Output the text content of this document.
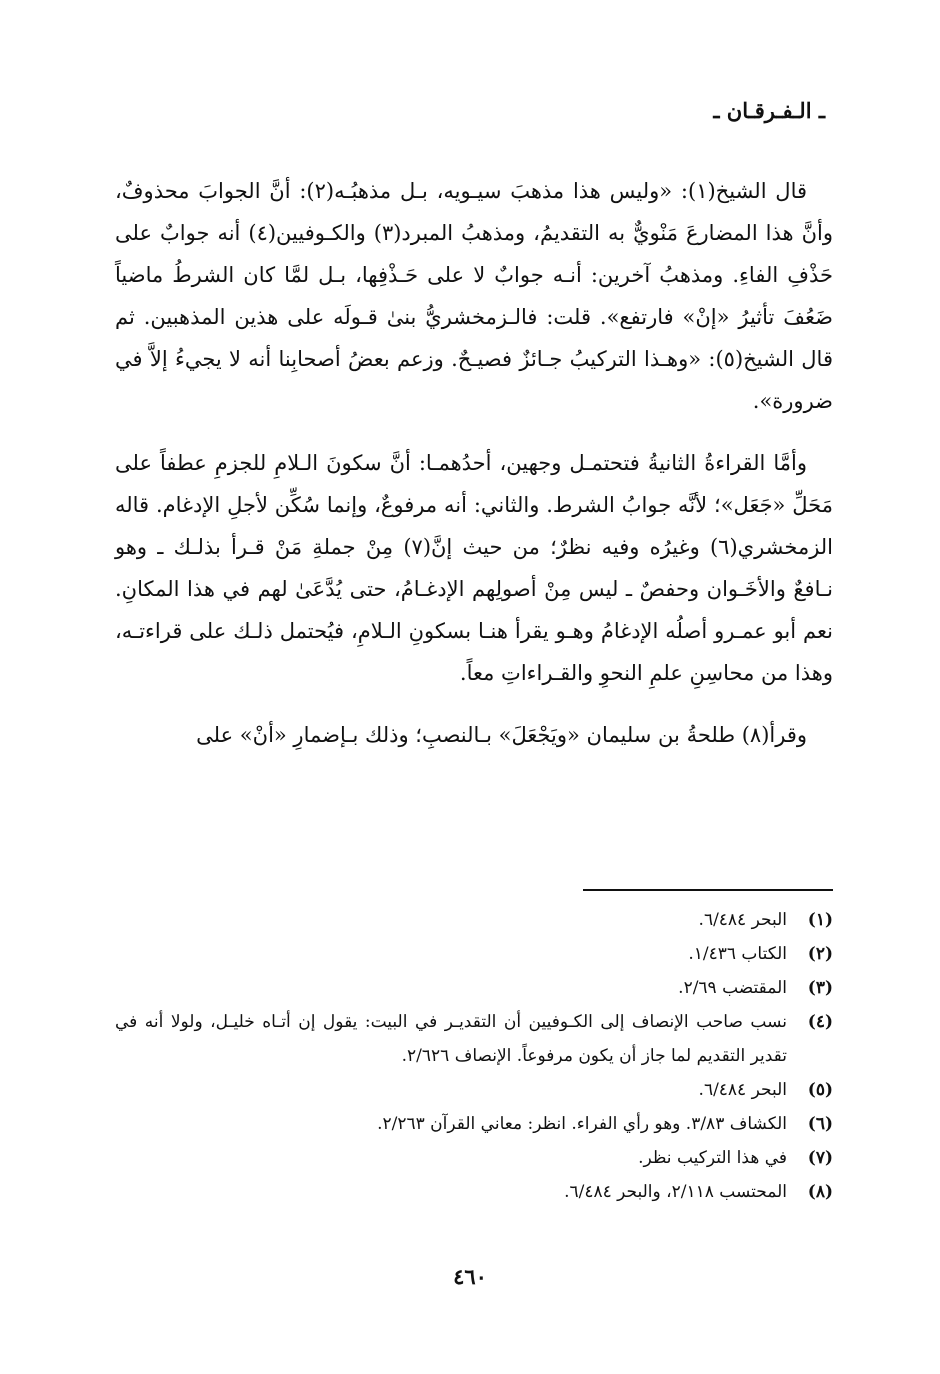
ـ الـفـرقـان ـ

قال الشيخ(١): «وليس هذا مذهبَ سيـويه، بـل مذهبُـه(٢): أنَّ الجوابَ محذوفٌ، وأنَّ هذا المضارعَ مَنْويٌّ به التقديمُ، ومذهبُ المبرد(٣) والكـوفيين(٤) أنه جوابٌ على حَذْفِ الفاءِ. ومذهبُ آخرين: أنـه جوابٌ لا على حَـذْفِها، بـل لمَّا كان الشرطُ ماضياً ضَعُفَ تأثيرُ «إنْ» فارتفع». قلت: فالـزمخشريُّ بنىٰ قـولَه على هذين المذهبين. ثم قال الشيخ(٥): «وهـذا التركيبُ جـائزٌ فصيـحٌ. وزعم بعضُ أصحابِنا أنه لا يجيءُ إلاَّ في ضرورة».

وأمَّا القراءةُ الثانيةُ فتحتمـل وجهين، أحدُهمـا: أنَّ سكونَ الـلامِ للجزمِ عطفاً على مَحَلِّ «جَعَل»؛ لأنَّه جوابُ الشرط. والثاني: أنه مرفوعٌ، وإنما سُكِّن لأجلِ الإدغام. قاله الزمخشري(٦) وغيرُه وفيه نظرٌ؛ من حيث إنَّ(٧) مِنْ جملةِ مَنْ قـرأ بذلـك ـ وهو نـافعٌ والأخَـوان وحفصٌ ـ ليس مِنْ أصولِهم الإدغـامُ، حتى يُدَّعَىٰ لهم في هذا المكانِ. نعم أبو عمـرو أصلُه الإدغامُ وهـو يقرأ هنـا بسكونِ الـلامِ، فيُحتمل ذلـك على قراءتـه، وهذا من محاسِنِ علمِ النحوِ والقـراءاتِ معاً.

وقرأ(٨) طلحةُ بن سليمان «ويَجْعَلَ» بـالنصبِ؛ وذلك بـإضمارِ «أنْ» على

(١)
البحر ٦/٤٨٤.
(٢)
الكتاب ١/٤٣٦.
(٣)
المقتضب ٢/٦٩.
(٤)
نسب صاحب الإنصاف إلى الكـوفيين أن التقديـر في البيت: يقول إن أتـاه خليـل، ولولا أنه في تقدير التقديم لما جاز أن يكون مرفوعاً. الإنصاف ٢/٦٢٦.
(٥)
البحر ٦/٤٨٤.
(٦)
الكشاف ٣/٨٣. وهو رأي الفراء. انظر: معاني القرآن ٢/٢٦٣.
(٧)
في هذا التركيب نظر.
(٨)
المحتسب ٢/١١٨، والبحر ٦/٤٨٤.
٤٦٠
